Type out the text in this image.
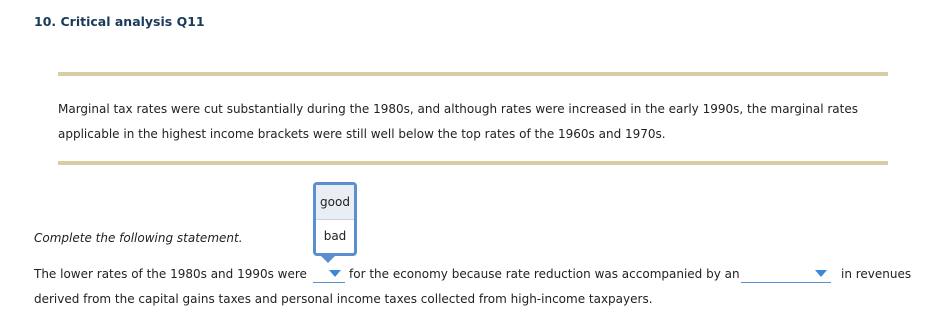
10. Critical analysis Q11
Marginal tax rates were cut substantially during the 1980s, and although rates were increased in the early 1990s, the marginal rates applicable in the highest income brackets were still well below the top rates of the 1960s and 1970s.
Complete the following statement.
good
bad
The lower rates of the 1980s and 1990s were	for the economy because rate reduction was accompanied by an	in revenues
derived from the capital gains taxes and personal income taxes collected from high-income taxpayers.
